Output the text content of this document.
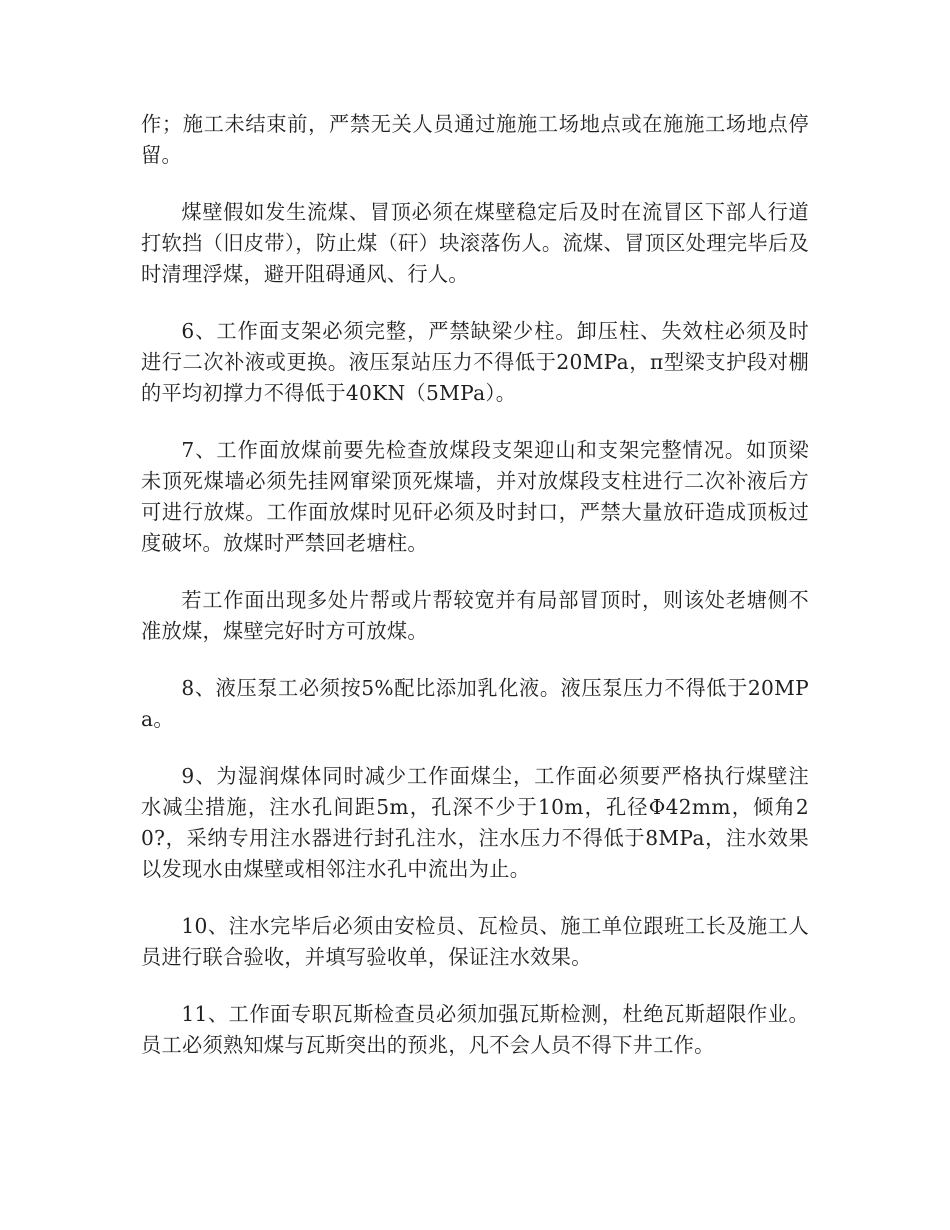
作；施工未结束前，严禁无关人员通过施施工场地点或在施施工场地点停留。

煤壁假如发生流煤、冒顶必须在煤壁稳定后及时在流冒区下部人行道打软挡（旧皮带），防止煤（矸）块滚落伤人。流煤、冒顶区处理完毕后及时清理浮煤，避开阻碍通风、行人。

6、工作面支架必须完整，严禁缺梁少柱。卸压柱、失效柱必须及时进行二次补液或更换。液压泵站压力不得低于20MPa，π型梁支护段对棚的平均初撑力不得低于40KN（5MPa）。

7、工作面放煤前要先检查放煤段支架迎山和支架完整情况。如顶梁未顶死煤墙必须先挂网窜梁顶死煤墙，并对放煤段支柱进行二次补液后方可进行放煤。工作面放煤时见矸必须及时封口，严禁大量放矸造成顶板过度破坏。放煤时严禁回老塘柱。

若工作面出现多处片帮或片帮较宽并有局部冒顶时，则该处老塘侧不准放煤，煤壁完好时方可放煤。

8、液压泵工必须按5%配比添加乳化液。液压泵压力不得低于20MPa。

9、为湿润煤体同时减少工作面煤尘，工作面必须要严格执行煤壁注水减尘措施，注水孔间距5m，孔深不少于10m，孔径Φ42mm，倾角20?，采纳专用注水器进行封孔注水，注水压力不得低于8MPa，注水效果以发现水由煤壁或相邻注水孔中流出为止。

10、注水完毕后必须由安检员、瓦检员、施工单位跟班工长及施工人员进行联合验收，并填写验收单，保证注水效果。

11、工作面专职瓦斯检查员必须加强瓦斯检测，杜绝瓦斯超限作业。员工必须熟知煤与瓦斯突出的预兆，凡不会人员不得下井工作。
